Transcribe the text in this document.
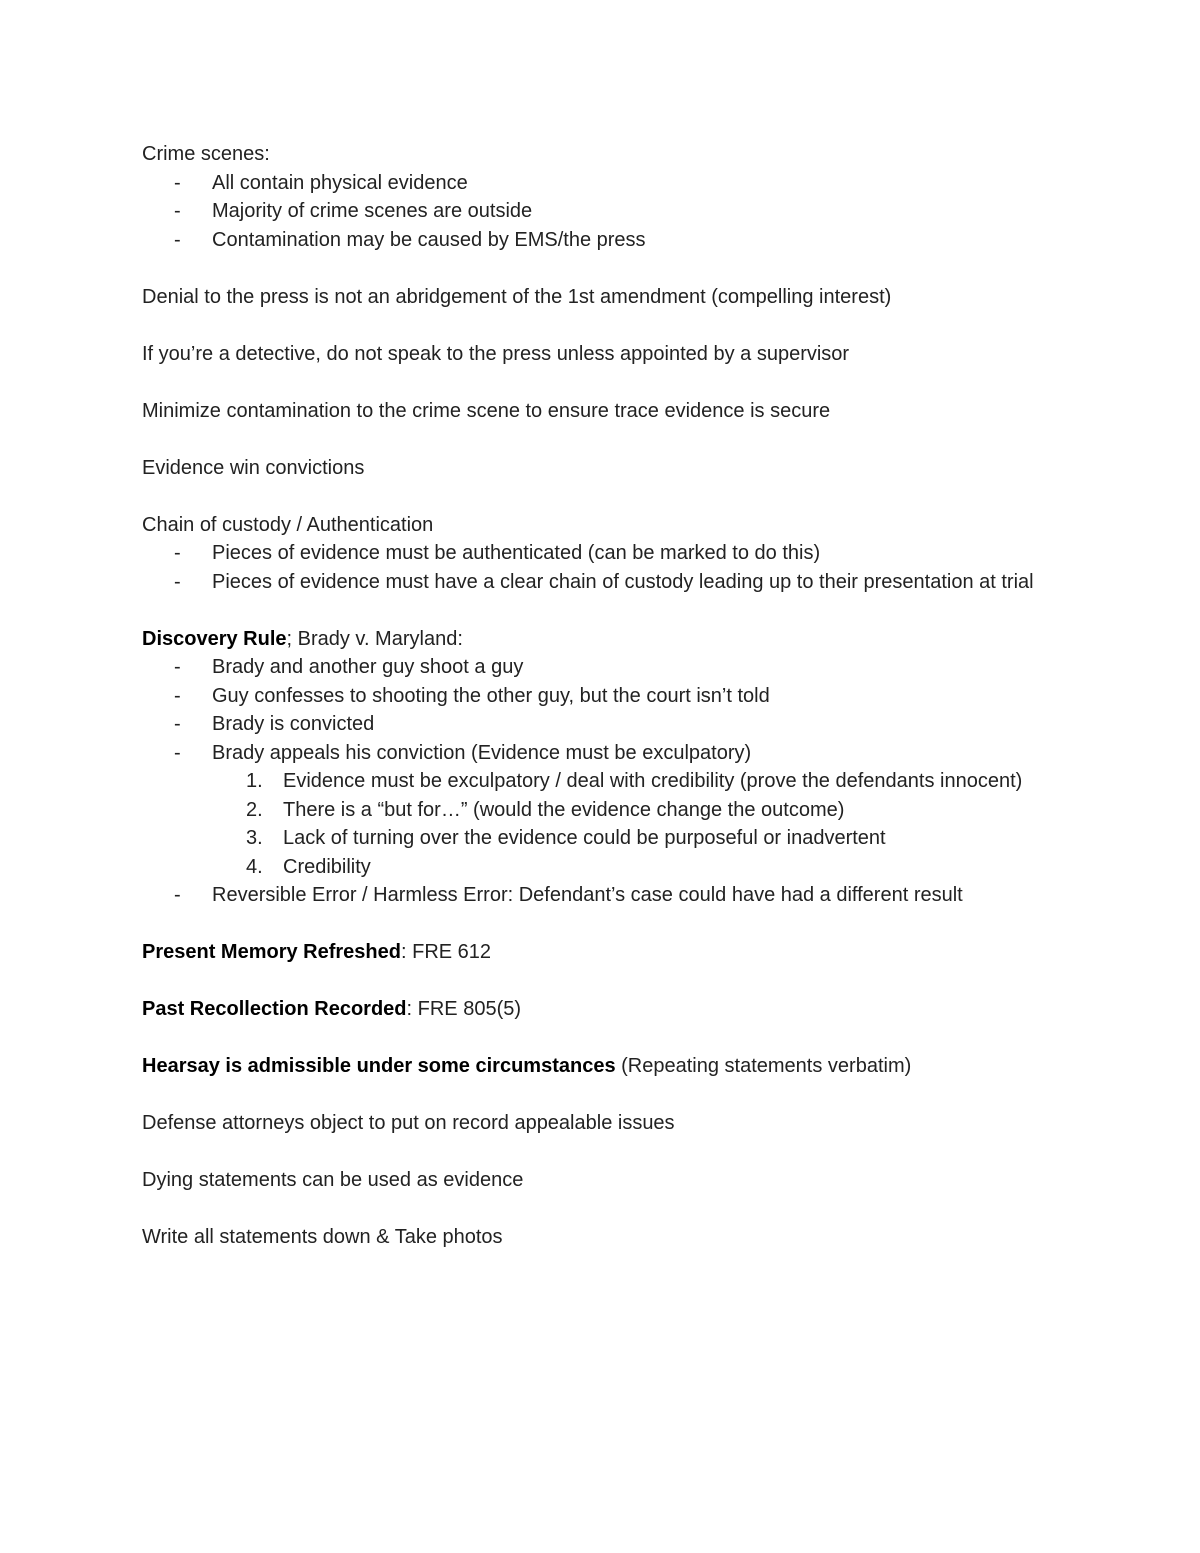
Crime scenes:
- All contain physical evidence
- Majority of crime scenes are outside
- Contamination may be caused by EMS/the press
Denial to the press is not an abridgement of the 1st amendment (compelling interest)
If you’re a detective, do not speak to the press unless appointed by a supervisor
Minimize contamination to the crime scene to ensure trace evidence is secure
Evidence win convictions
Chain of custody / Authentication
- Pieces of evidence must be authenticated (can be marked to do this)
- Pieces of evidence must have a clear chain of custody leading up to their presentation at trial
Discovery Rule; Brady v. Maryland:
- Brady and another guy shoot a guy
- Guy confesses to shooting the other guy, but the court isn’t told
- Brady is convicted
- Brady appeals his conviction (Evidence must be exculpatory)
1. Evidence must be exculpatory / deal with credibility (prove the defendants innocent)
2. There is a “but for…” (would the evidence change the outcome)
3. Lack of turning over the evidence could be purposeful or inadvertent
4. Credibility
- Reversible Error / Harmless Error: Defendant’s case could have had a different result
Present Memory Refreshed: FRE 612
Past Recollection Recorded: FRE 805(5)
Hearsay is admissible under some circumstances (Repeating statements verbatim)
Defense attorneys object to put on record appealable issues
Dying statements can be used as evidence
Write all statements down & Take photos
